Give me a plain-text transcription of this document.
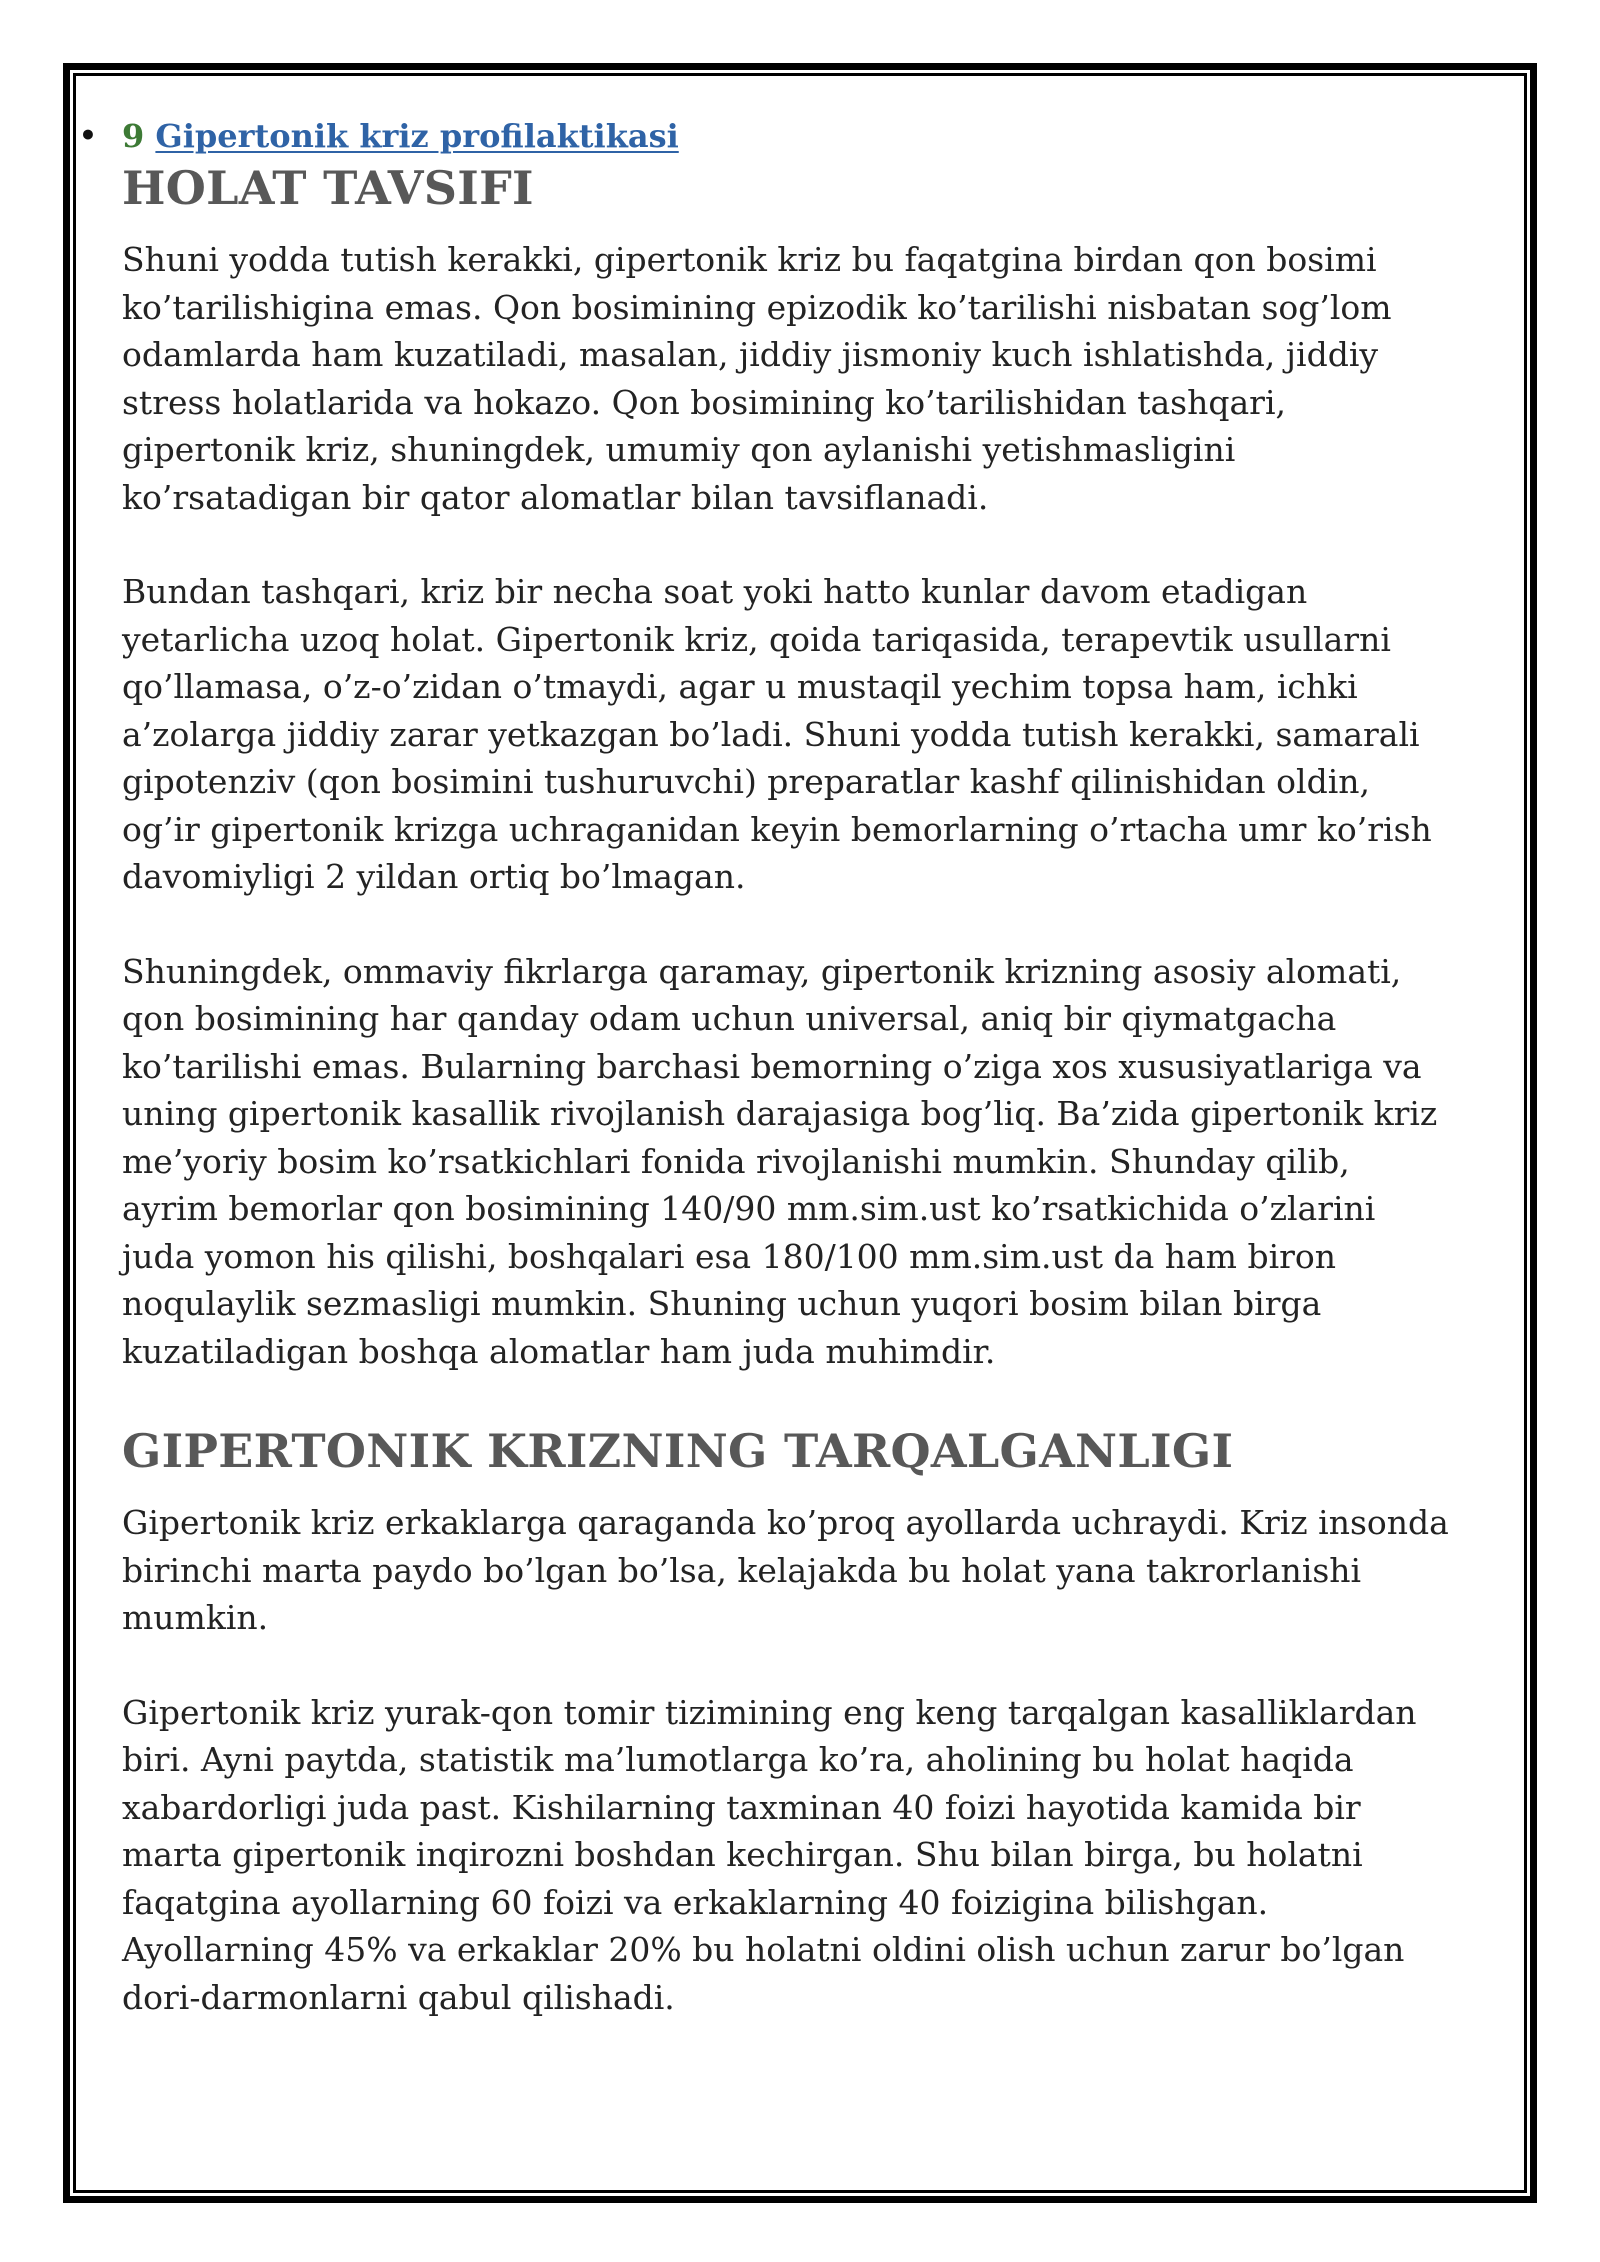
• 9 Gipertonik kriz profilaktikasi
HOLAT TAVSIFI

Shuni yodda tutish kerakki, gipertonik kriz bu faqatgina birdan qon bosimi ko’tarilishigina emas. Qon bosimining epizodik ko’tarilishi nisbatan sog’lom odamlarda ham kuzatiladi, masalan, jiddiy jismoniy kuch ishlatishda, jiddiy stress holatlarida va hokazo. Qon bosimining ko’tarilishidan tashqari, gipertonik kriz, shuningdek, umumiy qon aylanishi yetishmasligini ko’rsatadigan bir qator alomatlar bilan tavsiflanadi.

Bundan tashqari, kriz bir necha soat yoki hatto kunlar davom etadigan yetarlicha uzoq holat. Gipertonik kriz, qoida tariqasida, terapevtik usullarni qo’llamasa, o’z-o’zidan o’tmaydi, agar u mustaqil yechim topsa ham, ichki a’zolarga jiddiy zarar yetkazgan bo’ladi. Shuni yodda tutish kerakki, samarali gipotenziv (qon bosimini tushuruvchi) preparatlar kashf qilinishidan oldin, og’ir gipertonik krizga uchraganidan keyin bemorlarning o’rtacha umr ko’rish davomiyligi 2 yildan ortiq bo’lmagan.

Shuningdek, ommaviy fikrlarga qaramay, gipertonik krizning asosiy alomati, qon bosimining har qanday odam uchun universal, aniq bir qiymatgacha ko’tarilishi emas. Bularning barchasi bemorning o’ziga xos xususiyatlariga va uning gipertonik kasallik rivojlanish darajasiga bog’liq. Ba’zida gipertonik kriz me’yoriy bosim ko’rsatkichlari fonida rivojlanishi mumkin. Shunday qilib, ayrim bemorlar qon bosimining 140/90 mm.sim.ust ko’rsatkichida o’zlarini juda yomon his qilishi, boshqalari esa 180/100 mm.sim.ust da ham biron noqulaylik sezmasligi mumkin. Shuning uchun yuqori bosim bilan birga kuzatiladigan boshqa alomatlar ham juda muhimdir.

GIPERTONIK KRIZNING TARQALGANLIGI

Gipertonik kriz erkaklarga qaraganda ko’proq ayollarda uchraydi. Kriz insonda birinchi marta paydo bo’lgan bo’lsa, kelajakda bu holat yana takrorlanishi mumkin.

Gipertonik kriz yurak-qon tomir tizimining eng keng tarqalgan kasalliklardan biri. Ayni paytda, statistik ma’lumotlarga ko’ra, aholining bu holat haqida xabardorligi juda past. Kishilarning taxminan 40 foizi hayotida kamida bir marta gipertonik inqirozni boshdan kechirgan. Shu bilan birga, bu holatni faqatgina ayollarning 60 foizi va erkaklarning 40 foizigina bilishgan. Ayollarning 45% va erkaklar 20% bu holatni oldini olish uchun zarur bo’lgan dori-darmonlarni qabul qilishadi.
